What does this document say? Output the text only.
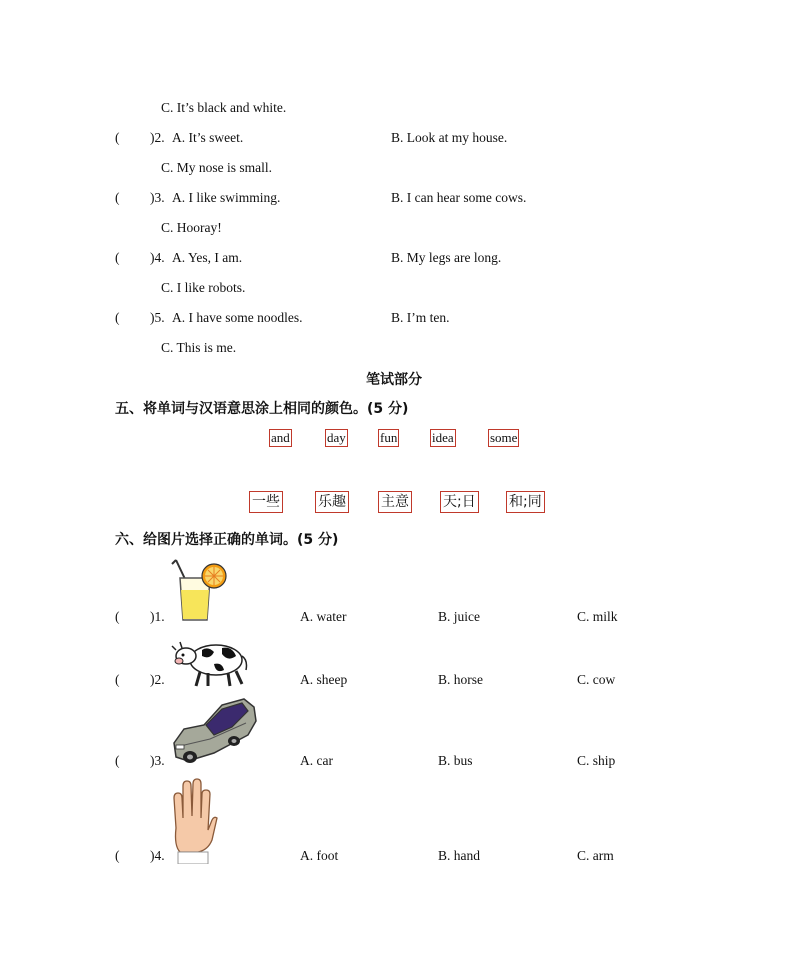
C. It’s black and white.
( )2. A. It’s sweet.	B. Look at my house.
C. My nose is small.
( )3. A. I like swimming.	B. I can hear some cows.
C. Hooray!
( )4. A. Yes, I am.	B. My legs are long.
C. I like robots.
( )5. A. I have some noodles.	B. I’m ten.
C. This is me.
笔试部分
五、将单词与汉语意思涂上相同的颜色。(5 分)
and	day	fun	idea	some
一些	乐趣	主意 天;日 和;同
六、给图片选择正确的单词。(5 分)
( )1.	A. water	B. juice	C. milk
( )2.	A. sheep	B. horse	C. cow
( )3.	A. car	B. bus	C. ship
( )4.	A. foot	B. hand	C. arm
